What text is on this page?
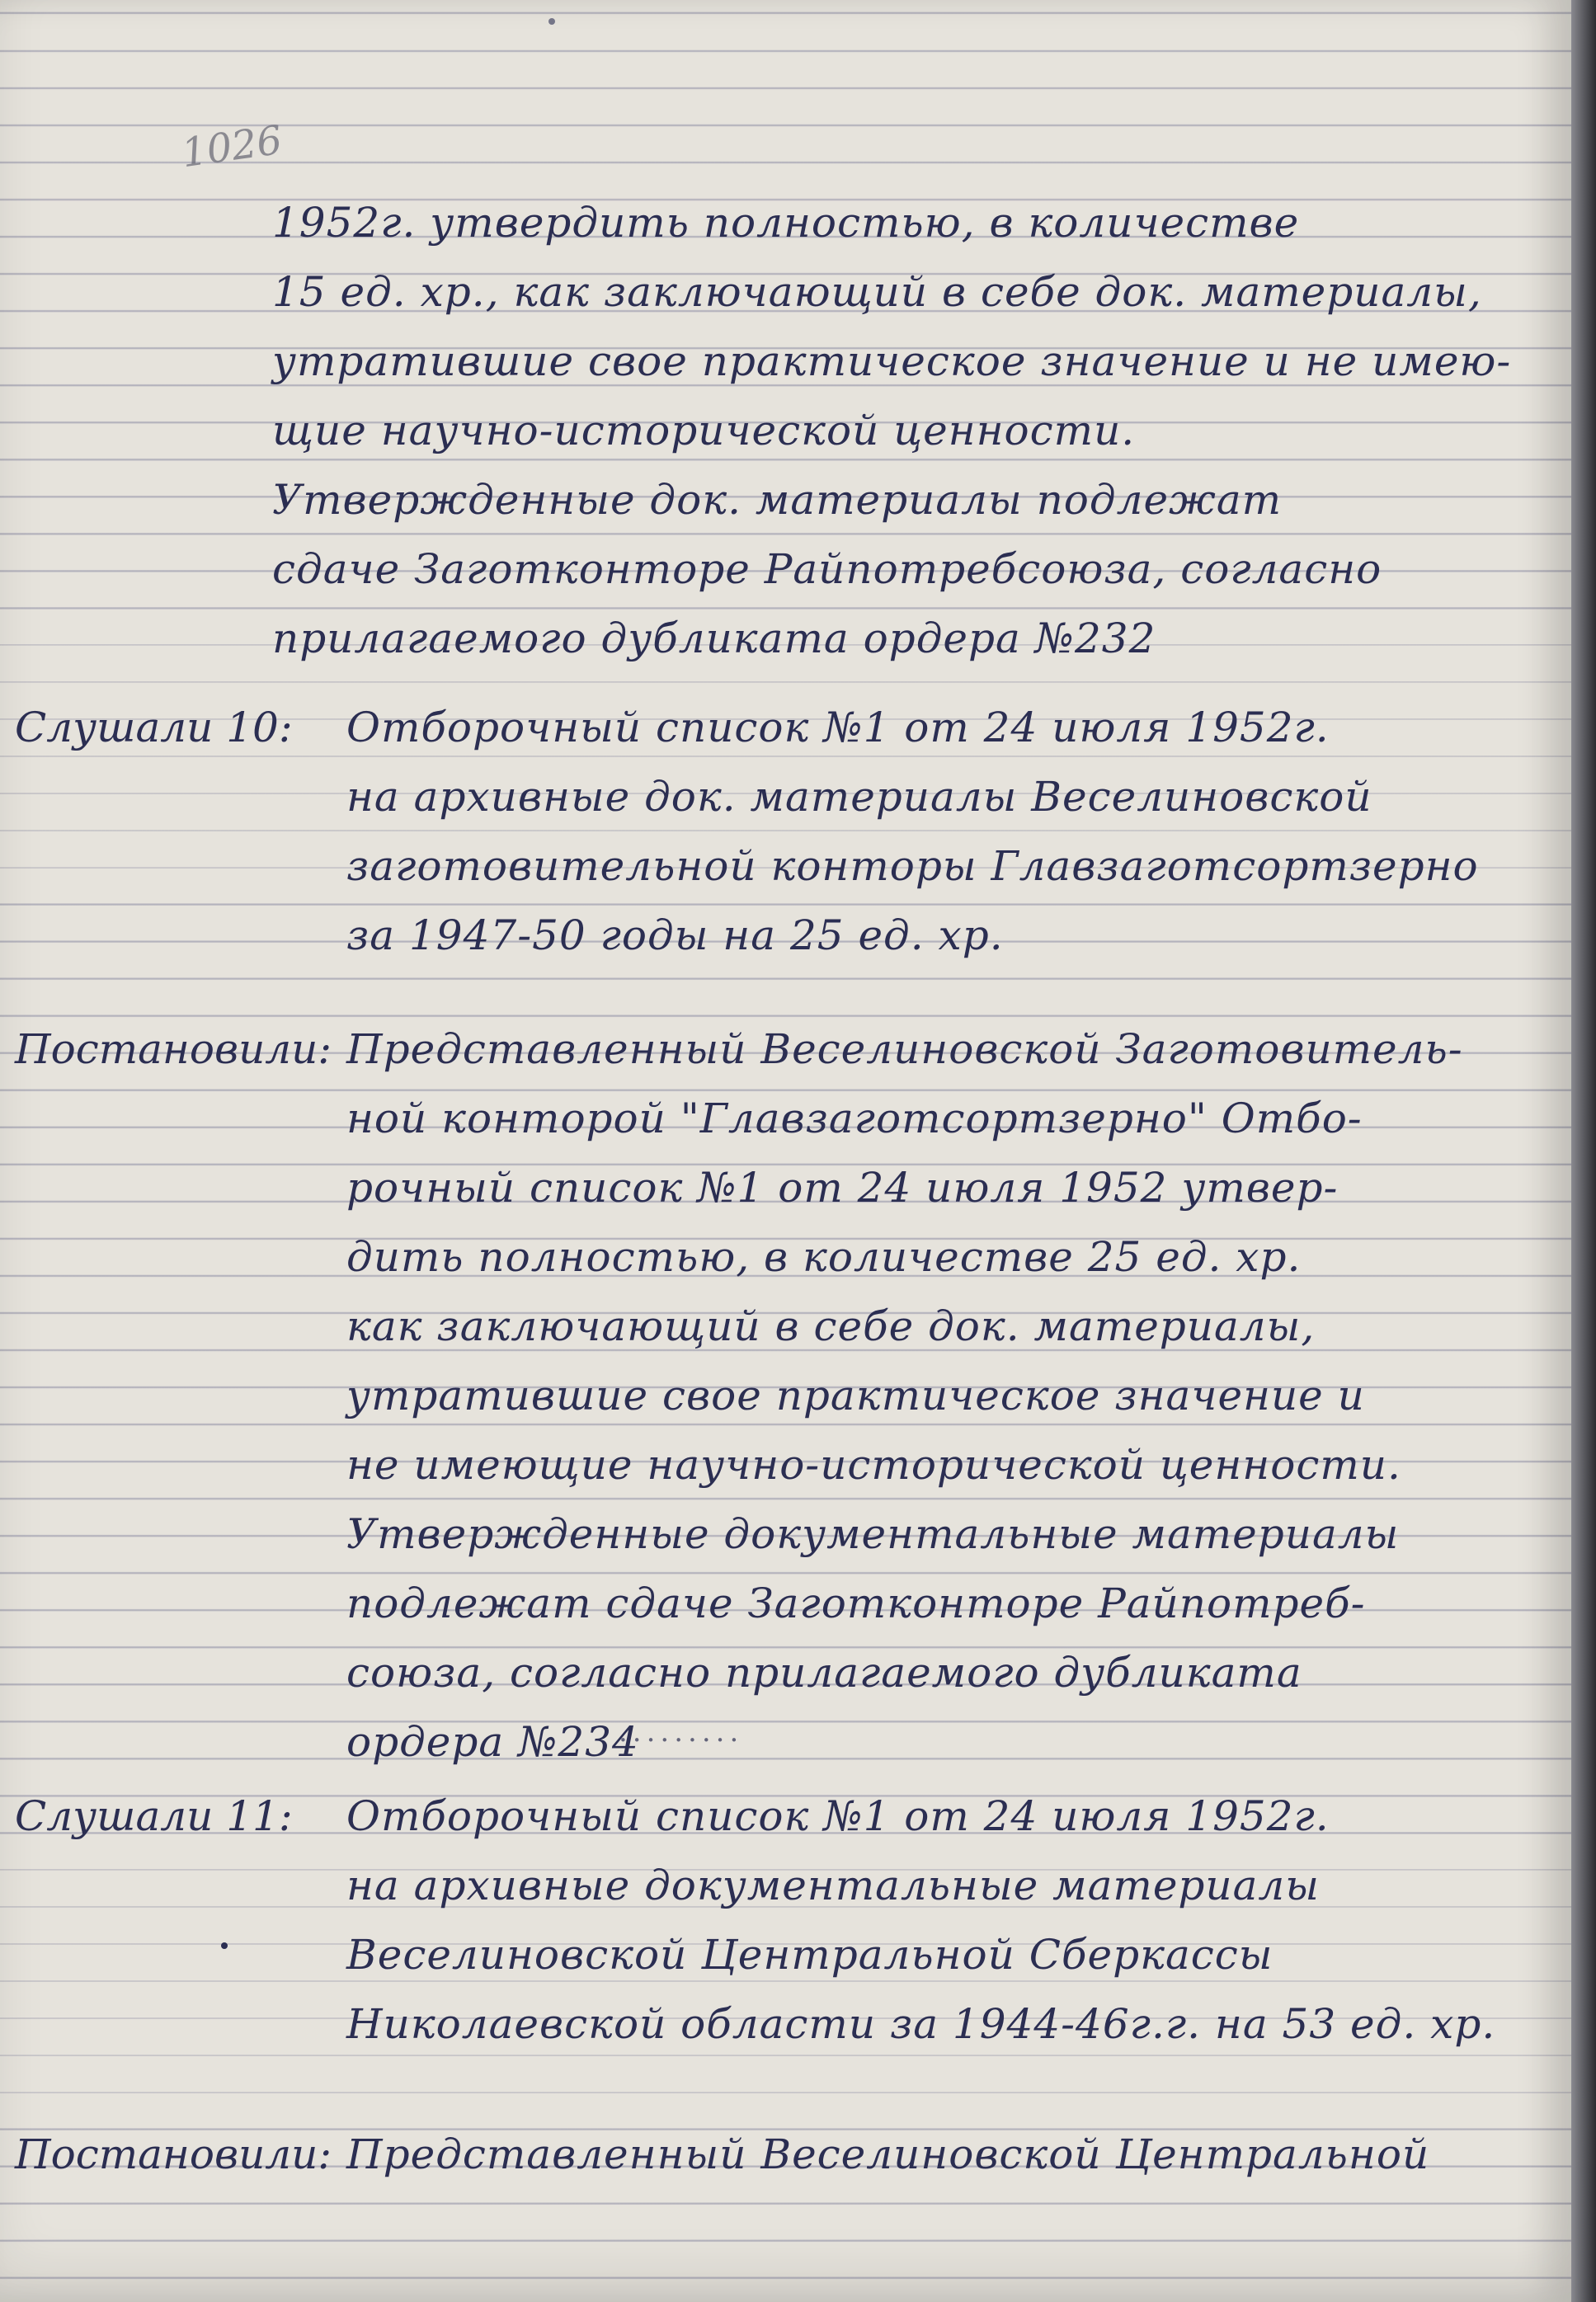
1026
1952г. утвердить полностью, в количестве
15 ед. хр., как заключающий в себе док. материалы,
утратившие свое практическое значение и не имею-
щие научно-исторической ценности.
Утвержденные док. материалы подлежат
сдаче Заготконторе Райпотребсоюза, согласно
прилагаемого дубликата ордера №232
Слушали 10: Отборочный список №1 от 24 июля 1952г.
на архивные док. материалы Веселиновской
заготовительной конторы Главзаготсортзерно
за 1947-50 годы на 25 ед. хр.
Постановили: Представленный Веселиновской Заготовитель-
ной конторой "Главзаготсортзерно" Отбо-
рочный список №1 от 24 июля 1952 утвер-
дить полностью, в количестве 25 ед. хр.
как заключающий в себе док. материалы,
утратившие свое практическое значение и
не имеющие научно-исторической ценности.
Утвержденные документальные материалы
подлежат сдаче Заготконторе Райпотреб-
союза, согласно прилагаемого дубликата
ордера №234
.........
Слушали 11: Отборочный список №1 от 24 июля 1952г.
на архивные документальные материалы
Веселиновской Центральной Сберкассы
Николаевской области за 1944-46г.г. на 53 ед. хр.
Постановили: Представленный Веселиновской Центральной
